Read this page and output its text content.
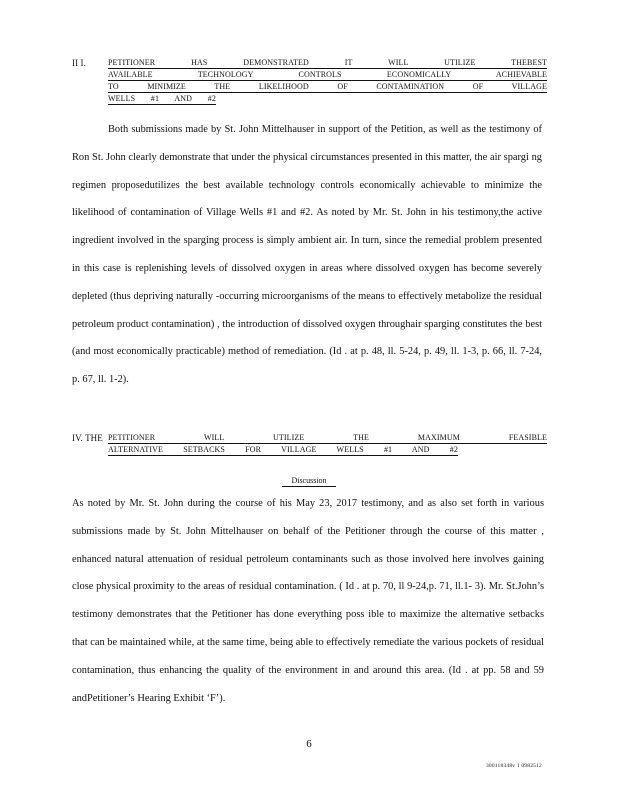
II I.	PETITIONER HAS DEMONSTRATED IT WILL UTILIZE THEBEST
AVAILABLE TECHNOLOGY CONTROLS ECONOMICALLY ACHIEVABLE
TO MINIMIZE THE LIKELIHOOD OF CONTAMINATION OF VILLAGE
WELLS #1 AND #2

Both submissions made by St. John Mittelhauser in support of the Petition, as well as the testimony of Ron St. John clearly demonstrate that under the physical circumstances presented in this matter, the air spargi ng regimen proposedutilizes the best available technology controls economically achievable to minimize the likelihood of contamination of Village Wells #1 and #2. As noted by Mr. St. John in his testimony,the active ingredient involved in the sparging process is simply ambient air. In turn, since the remedial problem presented in this case is replenishing levels of dissolved oxygen in areas where dissolved oxygen has become severely depleted (thus depriving naturally -occurring microorganisms of the means to effectively metabolize the residual petroleum product contamination) , the introduction of dissolved oxygen throughair sparging constitutes the best (and most economically practicable) method of remediation. (Id . at p. 48, ll. 5-24, p. 49, ll. 1-3, p. 66, ll. 7-24, p. 67, ll. 1-2).

IV. THE PETITIONER WILL UTILIZE THE MAXIMUM FEASIBLE
ALTERNATIVE SETBACKS FOR VILLAGE WELLS #1 AND #2
Discussion

As noted by Mr. St. John during the course of his May 23, 2017 testimony, and as also set forth in various submissions made by St. John Mittelhauser on behalf of the Petitioner through the course of this matter , enhanced natural attenuation of residual petroleum contaminants such as those involved here involves gaining close physical proximity to the areas of residual contamination. ( Id . at p. 70, ll 9-24,p. 71, ll.1- 3). Mr. St.John’s testimony demonstrates that the Petitioner has done everything poss ible to maximize the alternative setbacks that can be maintained while, at the same time, being able to effectively remediate the various pockets of residual contamination, thus enhancing the quality of the environment in and around this area. (Id . at pp. 58 and 59 andPetitioner’s Hearing Exhibit ‘F’).

6
300118348v 1 0982512
